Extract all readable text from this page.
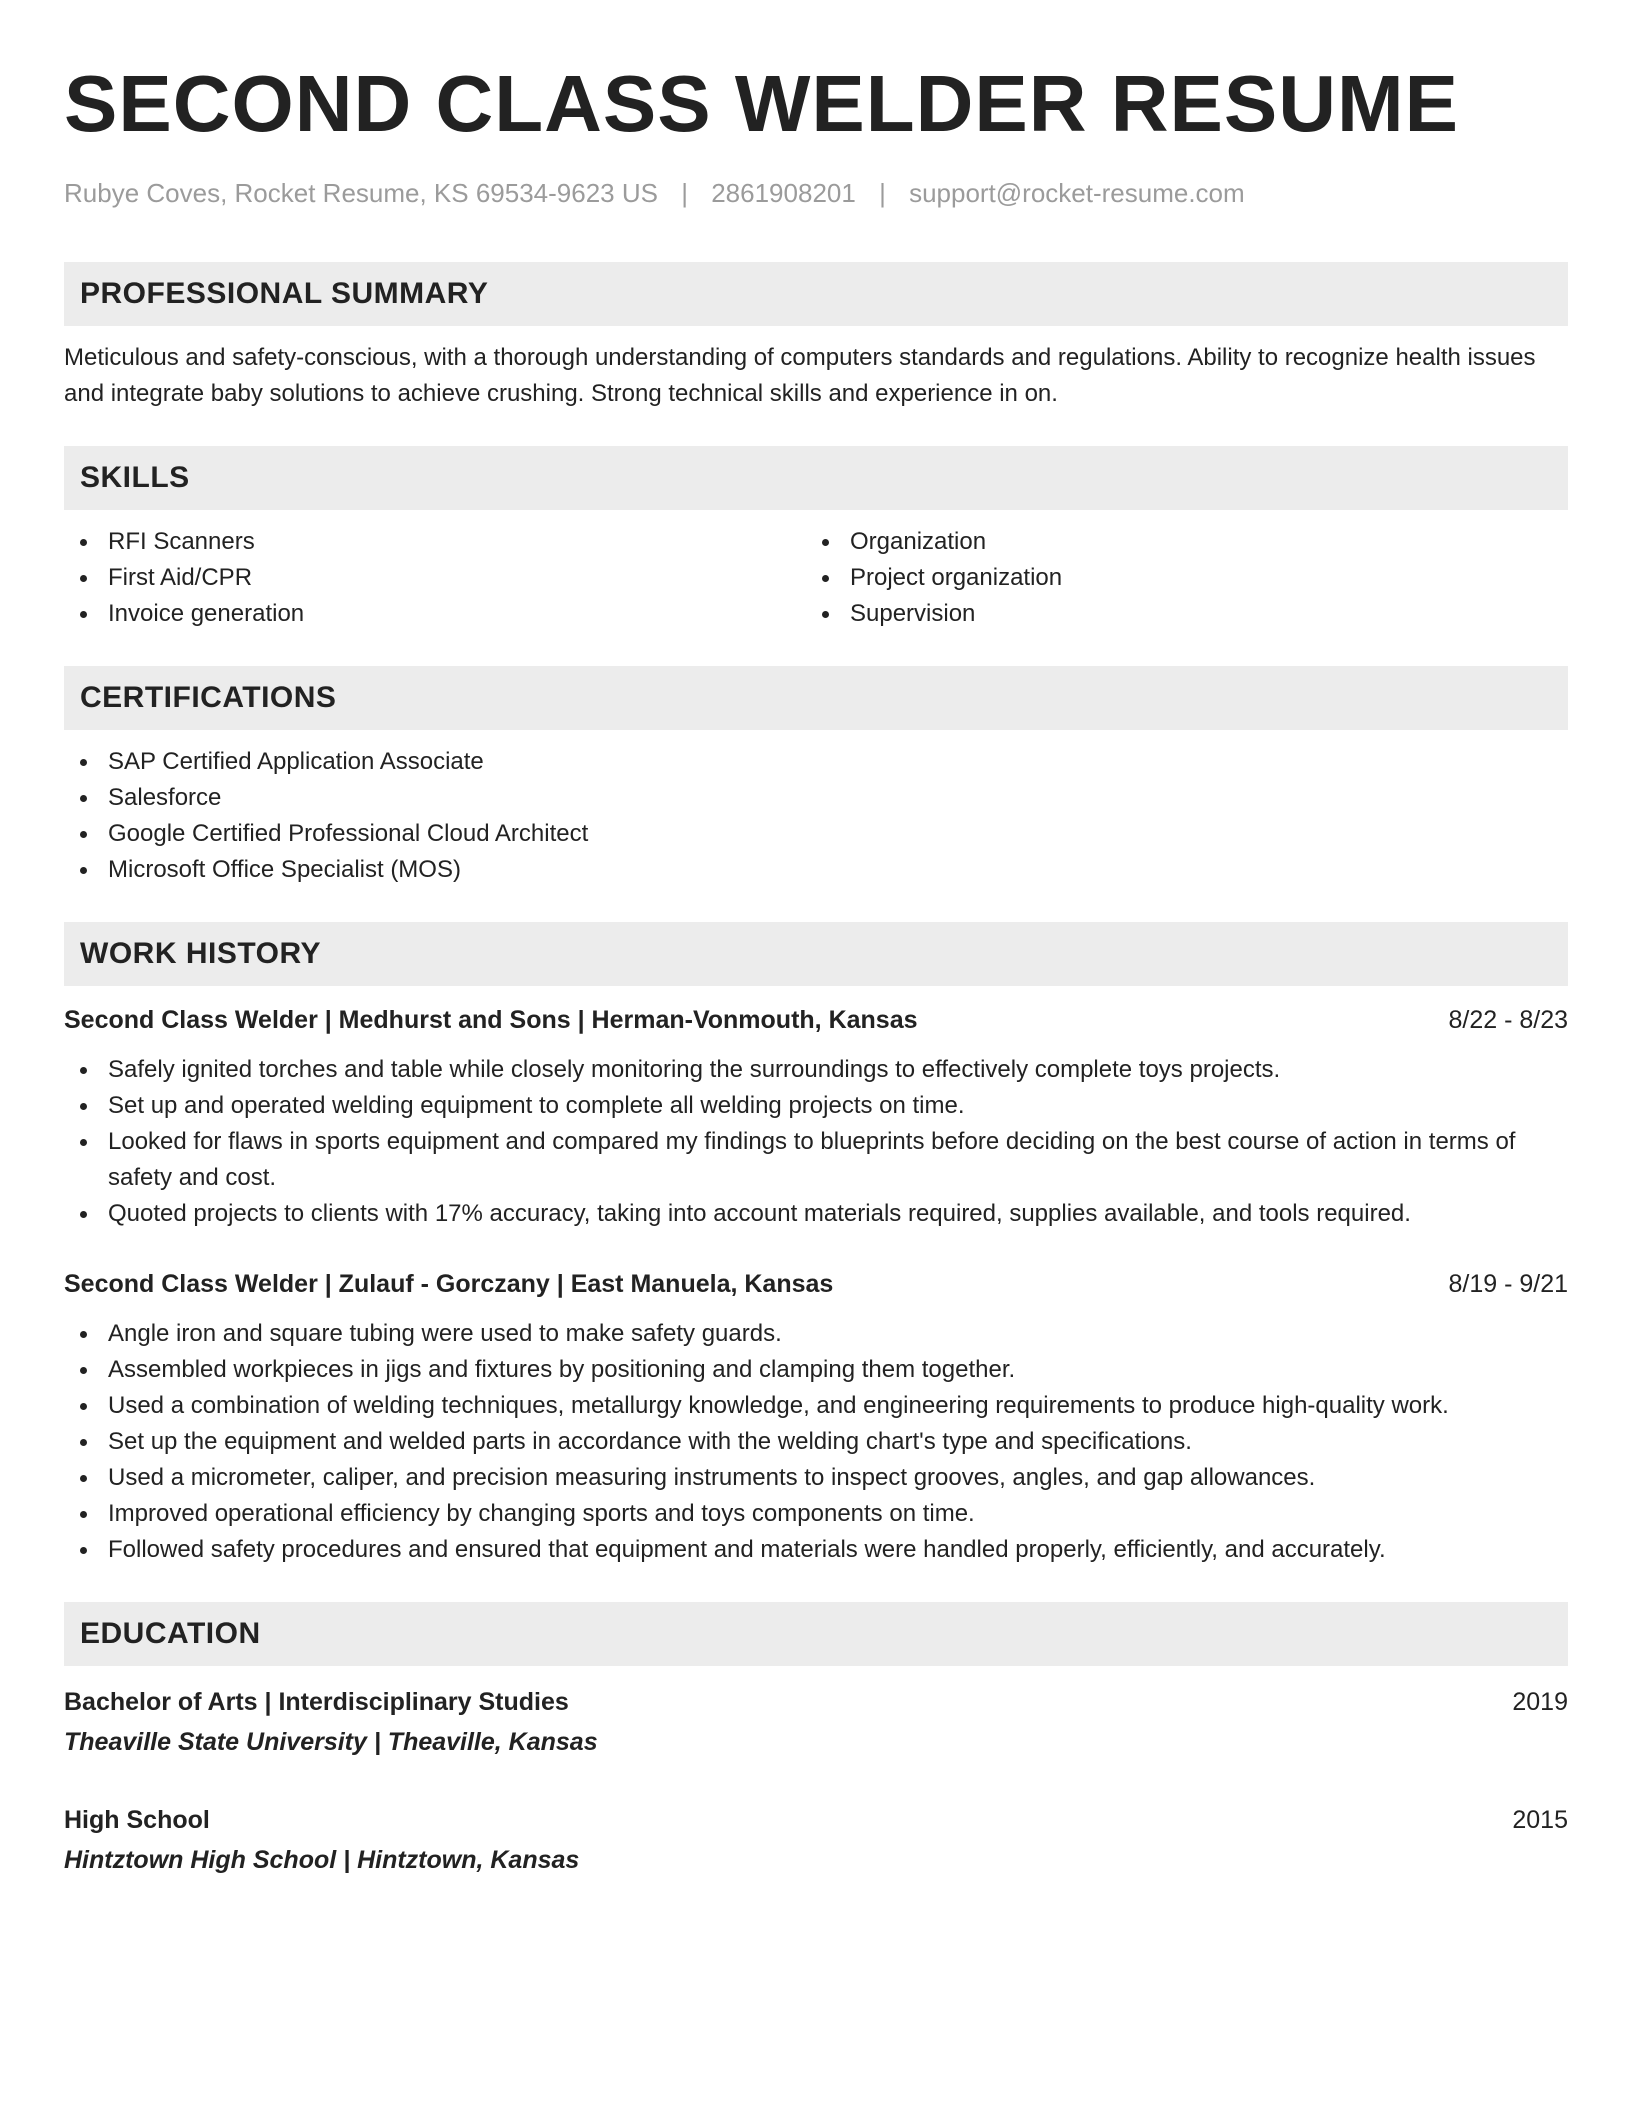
SECOND CLASS WELDER RESUME
Rubye Coves, Rocket Resume, KS 69534-9623 US | 2861908201 | support@rocket-resume.com
PROFESSIONAL SUMMARY

Meticulous and safety-conscious, with a thorough understanding of computers standards and regulations. Ability to recognize health issues and integrate baby solutions to achieve crushing. Strong technical skills and experience in on.

SKILLS
RFI Scanners
First Aid/CPR
Invoice generation
Organization
Project organization
Supervision
CERTIFICATIONS
SAP Certified Application Associate
Salesforce
Google Certified Professional Cloud Architect
Microsoft Office Specialist (MOS)
WORK HISTORY
Second Class Welder | Medhurst and Sons | Herman-Vonmouth, Kansas	8/22 - 8/23
Safely ignited torches and table while closely monitoring the surroundings to effectively complete toys projects.
Set up and operated welding equipment to complete all welding projects on time.
Looked for flaws in sports equipment and compared my findings to blueprints before deciding on the best course of action in terms of safety and cost.
Quoted projects to clients with 17% accuracy, taking into account materials required, supplies available, and tools required.
Second Class Welder | Zulauf - Gorczany | East Manuela, Kansas	8/19 - 9/21
Angle iron and square tubing were used to make safety guards.
Assembled workpieces in jigs and fixtures by positioning and clamping them together.
Used a combination of welding techniques, metallurgy knowledge, and engineering requirements to produce high-quality work.
Set up the equipment and welded parts in accordance with the welding chart's type and specifications.
Used a micrometer, caliper, and precision measuring instruments to inspect grooves, angles, and gap allowances.
Improved operational efficiency by changing sports and toys components on time.
Followed safety procedures and ensured that equipment and materials were handled properly, efficiently, and accurately.
EDUCATION
Bachelor of Arts | Interdisciplinary Studies	2019
Theaville State University | Theaville, Kansas
High School	2015
Hintztown High School | Hintztown, Kansas
